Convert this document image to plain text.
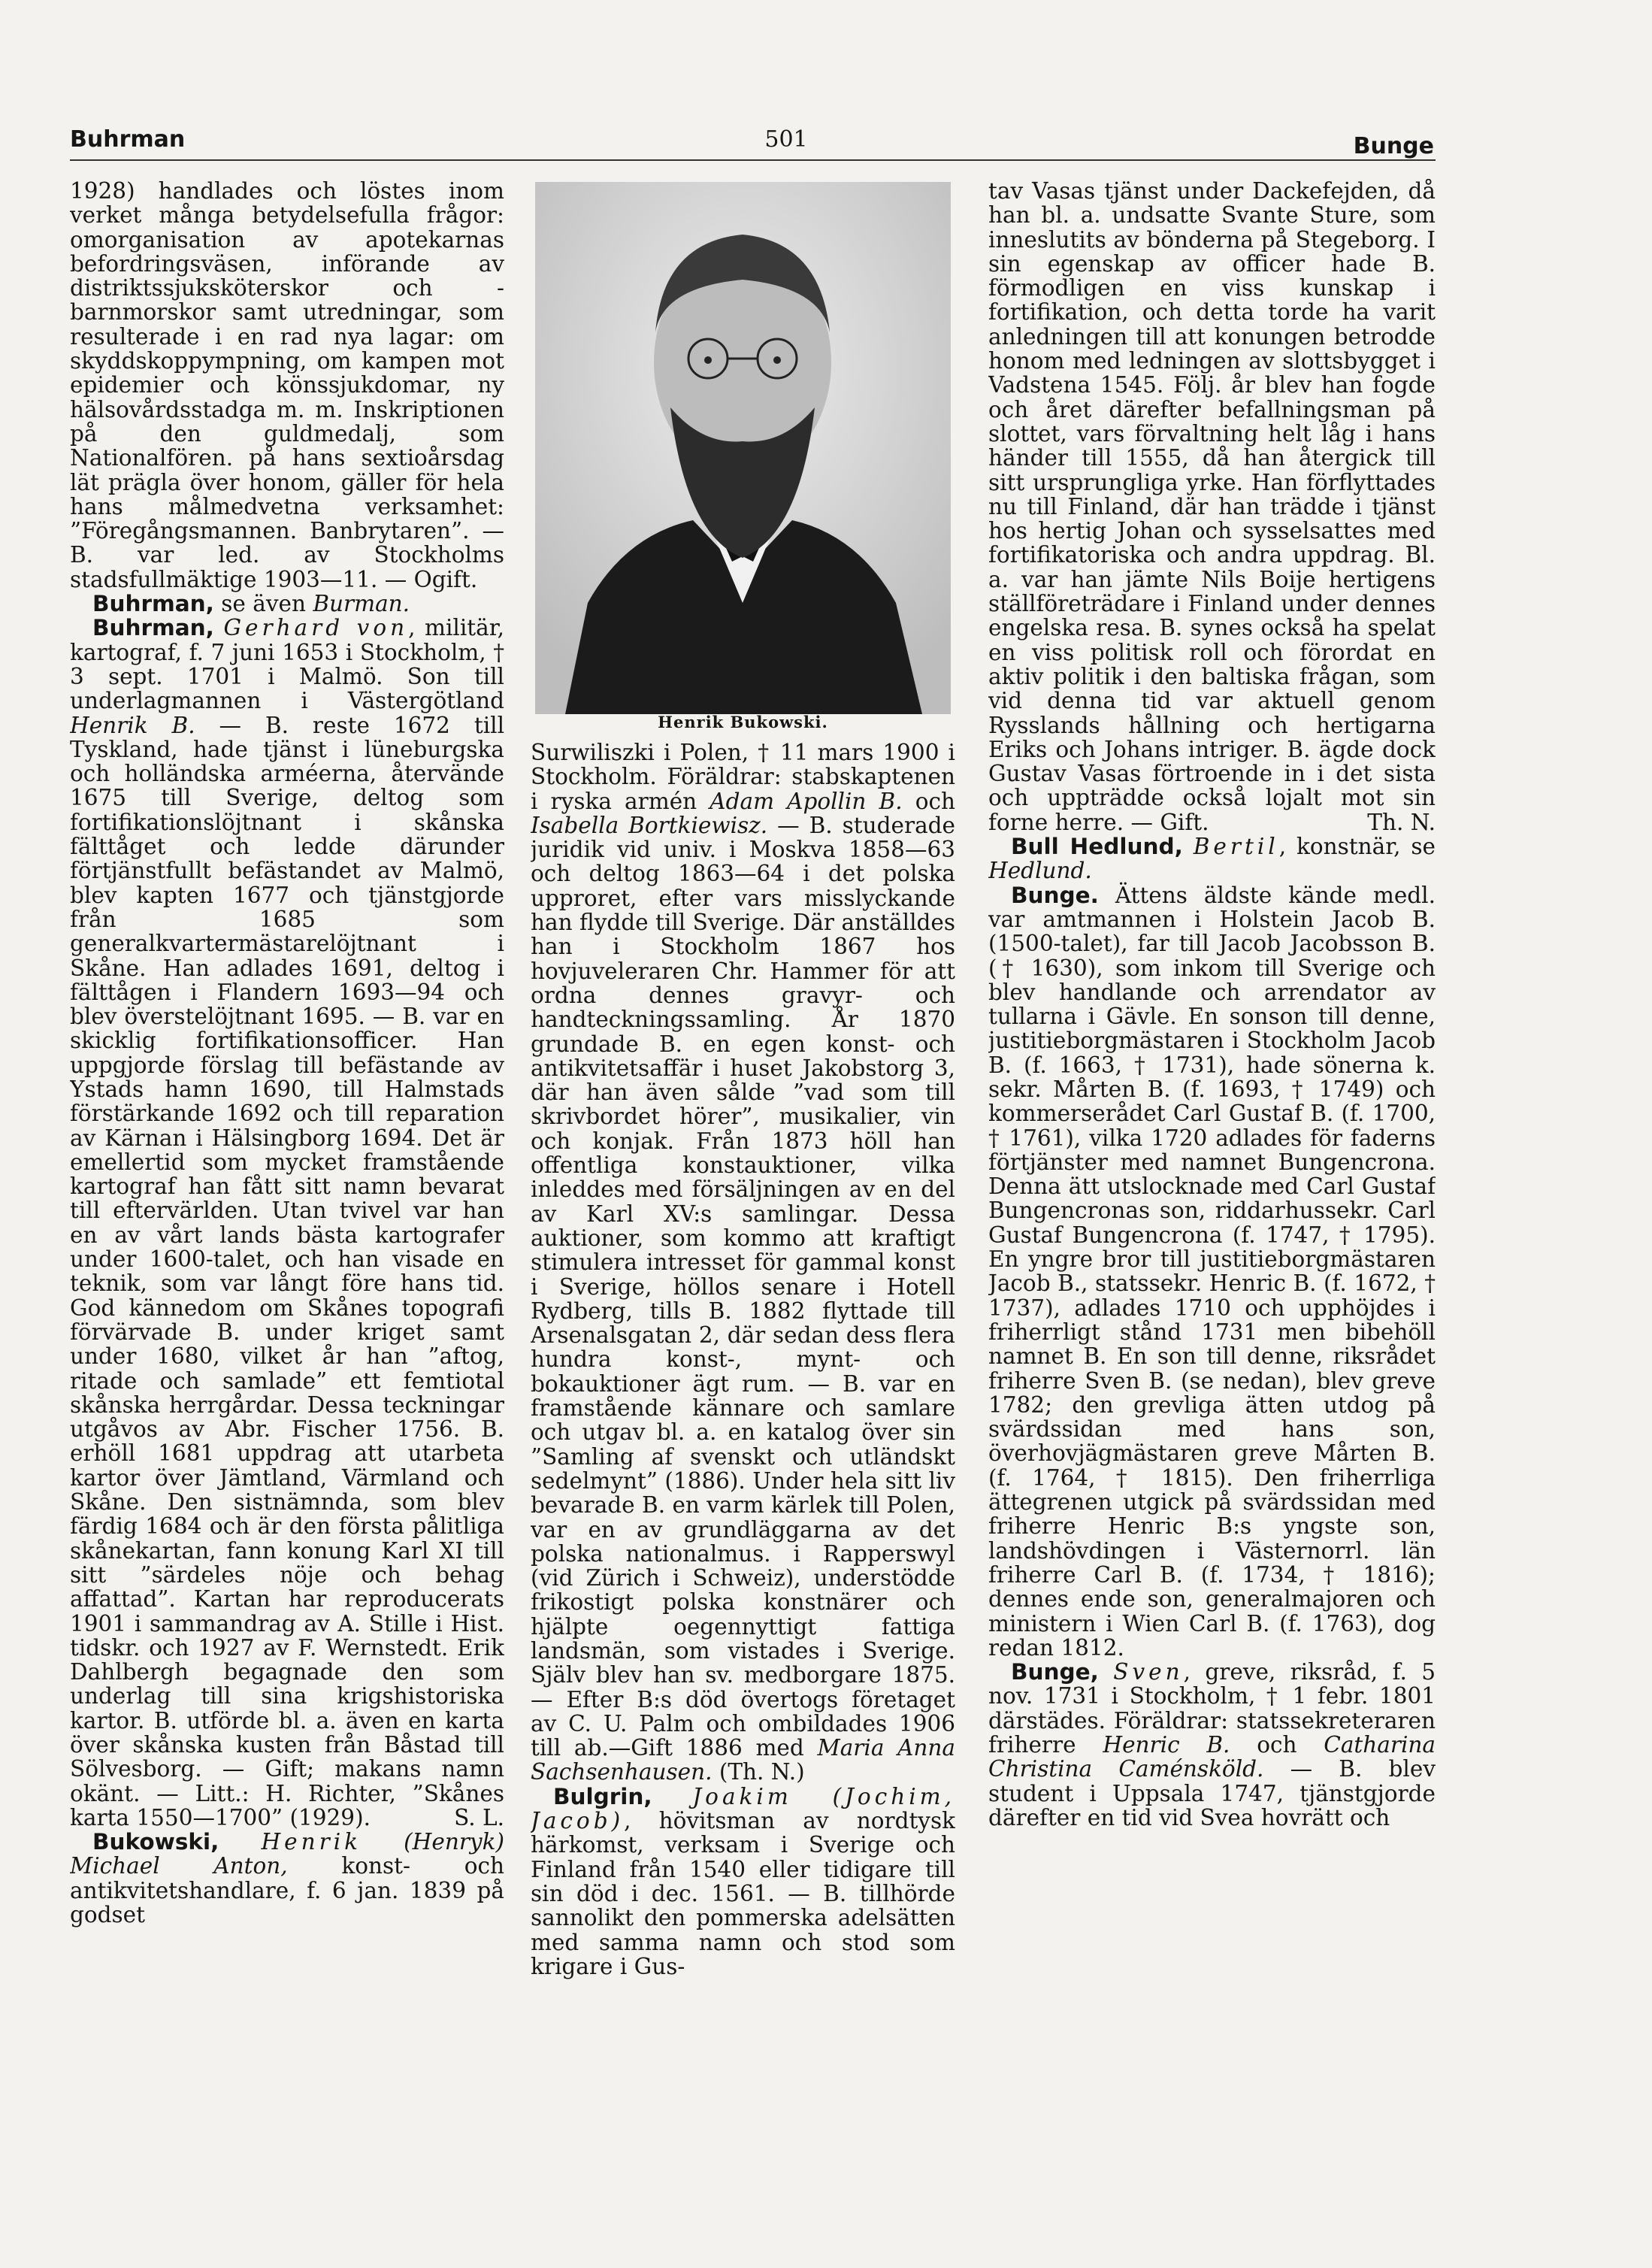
Buhrman	501	Bunge

1928) handlades och löstes inom verket många betydelsefulla frågor: omorganisation av apotekarnas befordringsväsen, införande av distriktssjuksköterskor och -barnmorskor samt utredningar, som resulterade i en rad nya lagar: om skyddskoppympning, om kampen mot epidemier och könssjukdomar, ny hälsovårdsstadga m. m. Inskriptionen på den guldmedalj, som Nationalfören. på hans sextioårsdag lät prägla över honom, gäller för hela hans målmedvetna verksamhet: ”Föregångsmannen. Banbrytaren”. — B. var led. av Stockholms stadsfullmäktige 1903—11. — Ogift.

Buhrman, se även Burman.

Buhrman, Gerhard von, militär, kartograf, f. 7 juni 1653 i Stockholm, † 3 sept. 1701 i Malmö. Son till underlagmannen i Västergötland Henrik B. — B. reste 1672 till Tyskland, hade tjänst i lüneburgska och holländska arméerna, återvände 1675 till Sverige, deltog som fortifikationslöjtnant i skånska fälttåget och ledde därunder förtjänstfullt befästandet av Malmö, blev kapten 1677 och tjänstgjorde från 1685 som generalkvartermästarelöjtnant i Skåne. Han adlades 1691, deltog i fälttågen i Flandern 1693—94 och blev överstelöjtnant 1695. — B. var en skicklig fortifikationsofficer. Han uppgjorde förslag till befästande av Ystads hamn 1690, till Halmstads förstärkande 1692 och till reparation av Kärnan i Hälsingborg 1694. Det är emellertid som mycket framstående kartograf han fått sitt namn bevarat till eftervärlden. Utan tvivel var han en av vårt lands bästa kartografer under 1600-talet, och han visade en teknik, som var långt före hans tid. God kännedom om Skånes topografi förvärvade B. under kriget samt under 1680, vilket år han ”aftog, ritade och samlade” ett femtiotal skånska herrgårdar. Dessa teckningar utgåvos av Abr. Fischer 1756. B. erhöll 1681 uppdrag att utarbeta kartor över Jämtland, Värmland och Skåne. Den sistnämnda, som blev färdig 1684 och är den första pålitliga skånekartan, fann konung Karl XI till sitt ”särdeles nöje och behag affattad”. Kartan har reproducerats 1901 i sammandrag av A. Stille i Hist. tidskr. och 1927 av F. Wernstedt. Erik Dahlbergh begagnade den som underlag till sina krigshistoriska kartor. B. utförde bl. a. även en karta över skånska kusten från Båstad till Sölvesborg. — Gift; makans namn okänt. — Litt.: H. Richter, ”Skånes karta 1550—1700” (1929).	S. L.

Bukowski, Henrik (Henryk) Michael Anton, konst- och antikvitetshandlare, f. 6 jan. 1839 på godset

Henrik Bukowski.

Surwiliszki i Polen, † 11 mars 1900 i Stockholm. Föräldrar: stabskaptenen i ryska armén Adam Apollin B. och Isabella Bortkiewisz. — B. studerade juridik vid univ. i Moskva 1858—63 och deltog 1863—64 i det polska upproret, efter vars misslyckande han flydde till Sverige. Där anställdes han i Stockholm 1867 hos hovjuveleraren Chr. Hammer för att ordna dennes gravyr- och handteckningssamling. År 1870 grundade B. en egen konst- och antikvitetsaffär i huset Jakobstorg 3, där han även sålde ”vad som till skrivbordet hörer”, musikalier, vin och konjak. Från 1873 höll han offentliga konstauktioner, vilka inleddes med försäljningen av en del av Karl XV:s samlingar. Dessa auktioner, som kommo att kraftigt stimulera intresset för gammal konst i Sverige, höllos senare i Hotell Rydberg, tills B. 1882 flyttade till Arsenalsgatan 2, där sedan dess flera hundra konst-, mynt- och bokauktioner ägt rum. — B. var en framstående kännare och samlare och utgav bl. a. en katalog över sin ”Samling af svenskt och utländskt sedelmynt” (1886). Under hela sitt liv bevarade B. en varm kärlek till Polen, var en av grundläggarna av det polska nationalmus. i Rapperswyl (vid Zürich i Schweiz), understödde frikostigt polska konstnärer och hjälpte oegennyttigt fattiga landsmän, som vistades i Sverige. Själv blev han sv. medborgare 1875. — Efter B:s död övertogs företaget av C. U. Palm och ombildades 1906 till ab.—Gift 1886 med Maria Anna Sachsenhausen. (Th. N.)

Bulgrin, Joakim (Jochim, Jacob), hövitsman av nordtysk härkomst, verksam i Sverige och Finland från 1540 eller tidigare till sin död i dec. 1561. — B. tillhörde sannolikt den pommerska adelsätten med samma namn och stod som krigare i Gus-

tav Vasas tjänst under Dackefejden, då han bl. a. undsatte Svante Sture, som inneslutits av bönderna på Stegeborg. I sin egenskap av officer hade B. förmodligen en viss kunskap i fortifikation, och detta torde ha varit anledningen till att konungen betrodde honom med ledningen av slottsbygget i Vadstena 1545. Följ. år blev han fogde och året därefter befallningsman på slottet, vars förvaltning helt låg i hans händer till 1555, då han återgick till sitt ursprungliga yrke. Han förflyttades nu till Finland, där han trädde i tjänst hos hertig Johan och sysselsattes med fortifikatoriska och andra uppdrag. Bl. a. var han jämte Nils Boije hertigens ställföreträdare i Finland under dennes engelska resa. B. synes också ha spelat en viss politisk roll och förordat en aktiv politik i den baltiska frågan, som vid denna tid var aktuell genom Rysslands hållning och hertigarna Eriks och Johans intriger. B. ägde dock Gustav Vasas förtroende in i det sista och uppträdde också lojalt mot sin forne herre. — Gift.	Th. N.

Bull Hedlund, Bertil, konstnär, se Hedlund.

Bunge. Ättens äldste kände medl. var amtmannen i Holstein Jacob B. (1500-talet), far till Jacob Jacobsson B. († 1630), som inkom till Sverige och blev handlande och arrendator av tullarna i Gävle. En sonson till denne, justitieborgmästaren i Stockholm Jacob B. (f. 1663, † 1731), hade sönerna k. sekr. Mårten B. (f. 1693, † 1749) och kommerserådet Carl Gustaf B. (f. 1700, † 1761), vilka 1720 adlades för faderns förtjänster med namnet Bungencrona. Denna ätt utslocknade med Carl Gustaf Bungencronas son, riddarhussekr. Carl Gustaf Bungencrona (f. 1747, † 1795). En yngre bror till justitieborgmästaren Jacob B., statssekr. Henric B. (f. 1672, † 1737), adlades 1710 och upphöjdes i friherrligt stånd 1731 men bibehöll namnet B. En son till denne, riksrådet friherre Sven B. (se nedan), blev greve 1782; den grevliga ätten utdog på svärdssidan med hans son, överhovjägmästaren greve Mårten B. (f. 1764, † 1815). Den friherrliga ättegrenen utgick på svärdssidan med friherre Henric B:s yngste son, landshövdingen i Västernorrl. län friherre Carl B. (f. 1734, † 1816); dennes ende son, generalmajoren och ministern i Wien Carl B. (f. 1763), dog redan 1812.

Bunge, Sven, greve, riksråd, f. 5 nov. 1731 i Stockholm, † 1 febr. 1801 därstädes. Föräldrar: statssekreteraren friherre Henric B. och Catharina Christina Caménsköld. — B. blev student i Uppsala 1747, tjänstgjorde därefter en tid vid Svea hovrätt och
